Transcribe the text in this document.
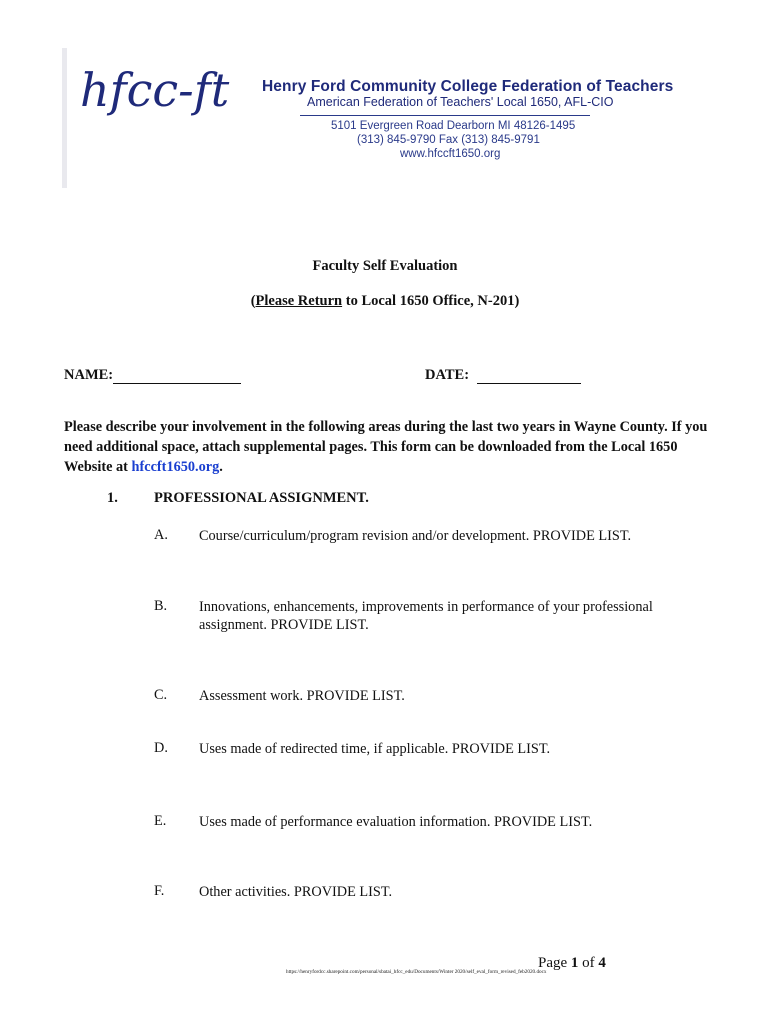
hfcc-ft Henry Ford Community College Federation of Teachers
American Federation of Teachers' Local 1650, AFL-CIO
5101 Evergreen Road Dearborn MI 48126-1495
(313) 845-9790 Fax (313) 845-9791
www.hfccft1650.org
Faculty Self Evaluation
(Please Return to Local 1650 Office, N-201)
NAME:	DATE:
Please describe your involvement in the following areas during the last two years in Wayne County. If you need additional space, attach supplemental pages. This form can be downloaded from the Local 1650 Website at hfccft1650.org.
1. PROFESSIONAL ASSIGNMENT.
A. Course/curriculum/program revision and/or development. PROVIDE LIST.
B. Innovations, enhancements, improvements in performance of your professional assignment. PROVIDE LIST.
C. Assessment work. PROVIDE LIST.
D. Uses made of redirected time, if applicable. PROVIDE LIST.
E. Uses made of performance evaluation information. PROVIDE LIST.
F. Other activities. PROVIDE LIST.
Page 1 of 4
https://henryfordcc.sharepoint.com/personal/sbatai_hfcc_edu/Documents/Winter 2020/self_eval_form_revised_feb2020.docx
